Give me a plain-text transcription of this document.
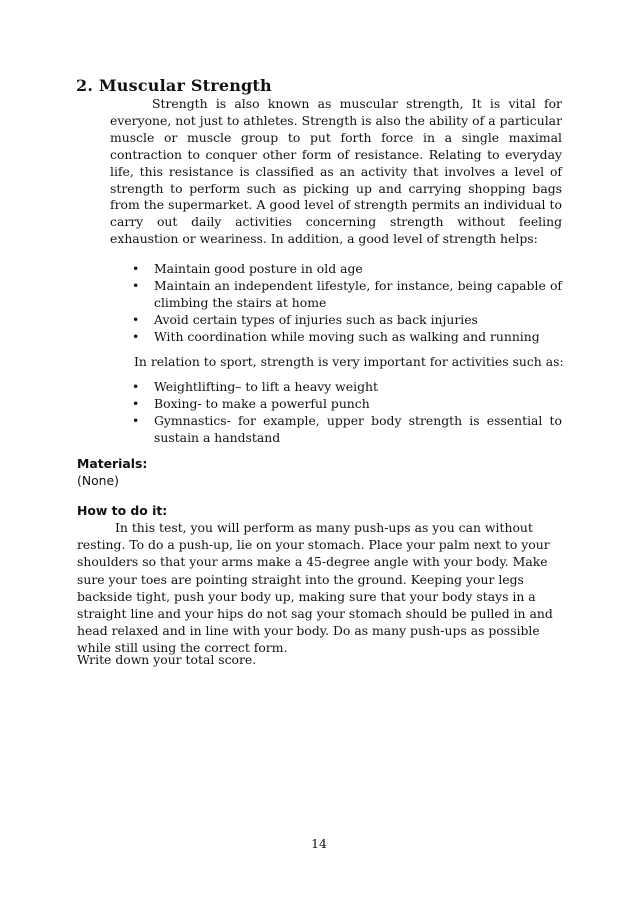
2. Muscular Strength

Strength is also known as muscular strength, It is vital for everyone, not just to athletes. Strength is also the ability of a particular muscle or muscle group to put forth force in a single maximal contraction to conquer other form of resistance. Relating to everyday life, this resistance is classified as an activity that involves a level of strength to perform such as picking up and carrying shopping bags from the supermarket. A good level of strength permits an individual to carry out daily activities concerning strength without feeling exhaustion or weariness. In addition, a good level of strength helps:

• Maintain good posture in old age
• Maintain an independent lifestyle, for instance, being capable of climbing the stairs at home
• Avoid certain types of injuries such as back injuries
• With coordination while moving such as walking and running
In relation to sport, strength is very important for activities such as:
• Weightlifting– to lift a heavy weight
• Boxing- to make a powerful punch
• Gymnastics- for example, upper body strength is essential to sustain a handstand
Materials:
(None)
How to do it:

In this test, you will perform as many push-ups as you can without resting. To do a push-up, lie on your stomach. Place your palm next to your shoulders so that your arms make a 45-degree angle with your body. Make sure your toes are pointing straight into the ground. Keeping your legs backside tight, push your body up, making sure that your body stays in a straight line and your hips do not sag your stomach should be pulled in and head relaxed and in line with your body. Do as many push-ups as possible while still using the correct form.

Write down your total score.

14
